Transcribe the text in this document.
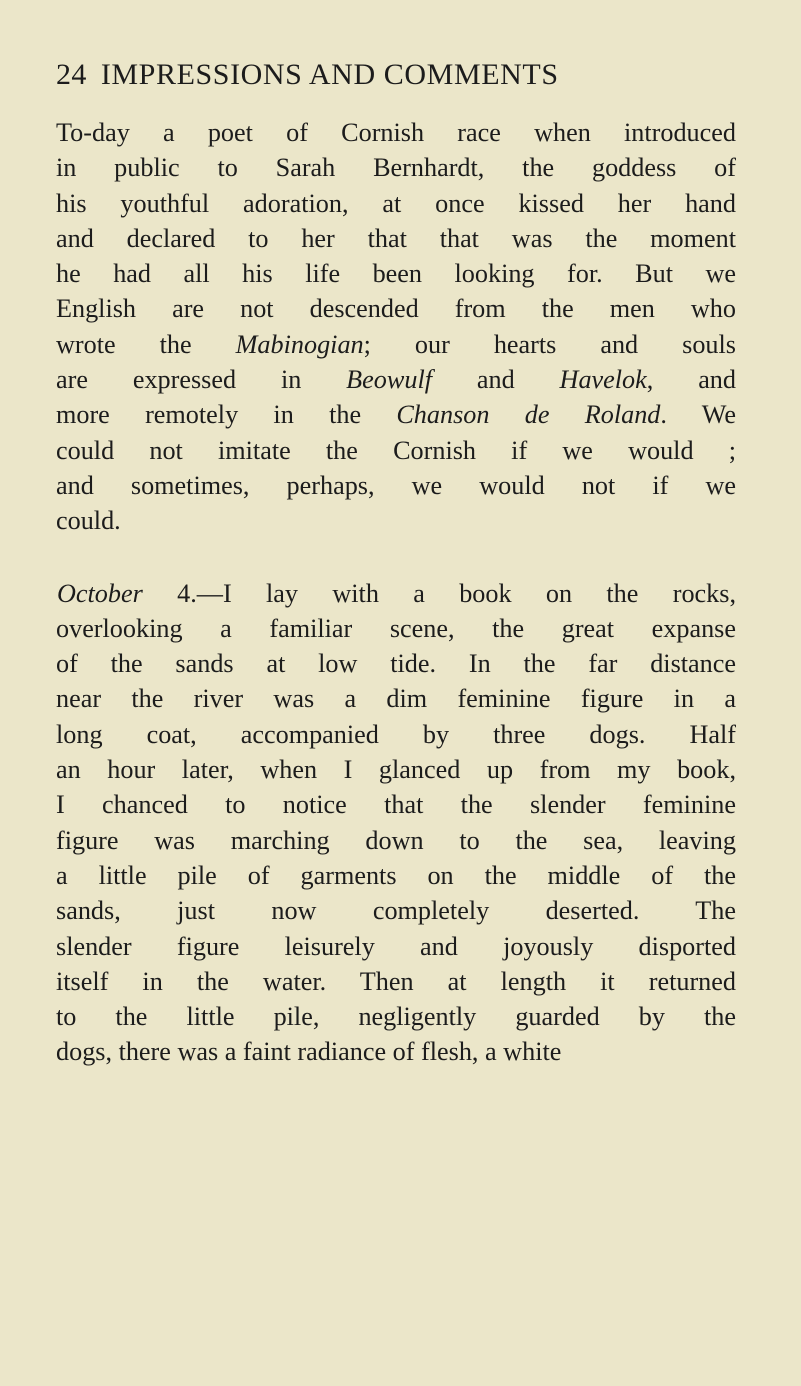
24 IMPRESSIONS AND COMMENTS

To-day a poet of Cornish race when introduced
in public to Sarah Bernhardt, the goddess of
his youthful adoration, at once kissed her hand
and declared to her that that was the moment
he had all his life been looking for. But we
English are not descended from the men who
wrote the Mabinogian; our hearts and souls
are expressed in Beowulf and Havelok, and
more remotely in the Chanson de Roland. We
could not imitate the Cornish if we would ;
and sometimes, perhaps, we would not if we
could.

October 4.—I lay with a book on the rocks,
overlooking a familiar scene, the great expanse
of the sands at low tide. In the far distance
near the river was a dim feminine figure in a
long coat, accompanied by three dogs. Half
an hour later, when I glanced up from my book,
I chanced to notice that the slender feminine
figure was marching down to the sea, leaving
a little pile of garments on the middle of the
sands, just now completely deserted. The
slender figure leisurely and joyously disported
itself in the water. Then at length it returned
to the little pile, negligently guarded by the
dogs, there was a faint radiance of flesh, a white
